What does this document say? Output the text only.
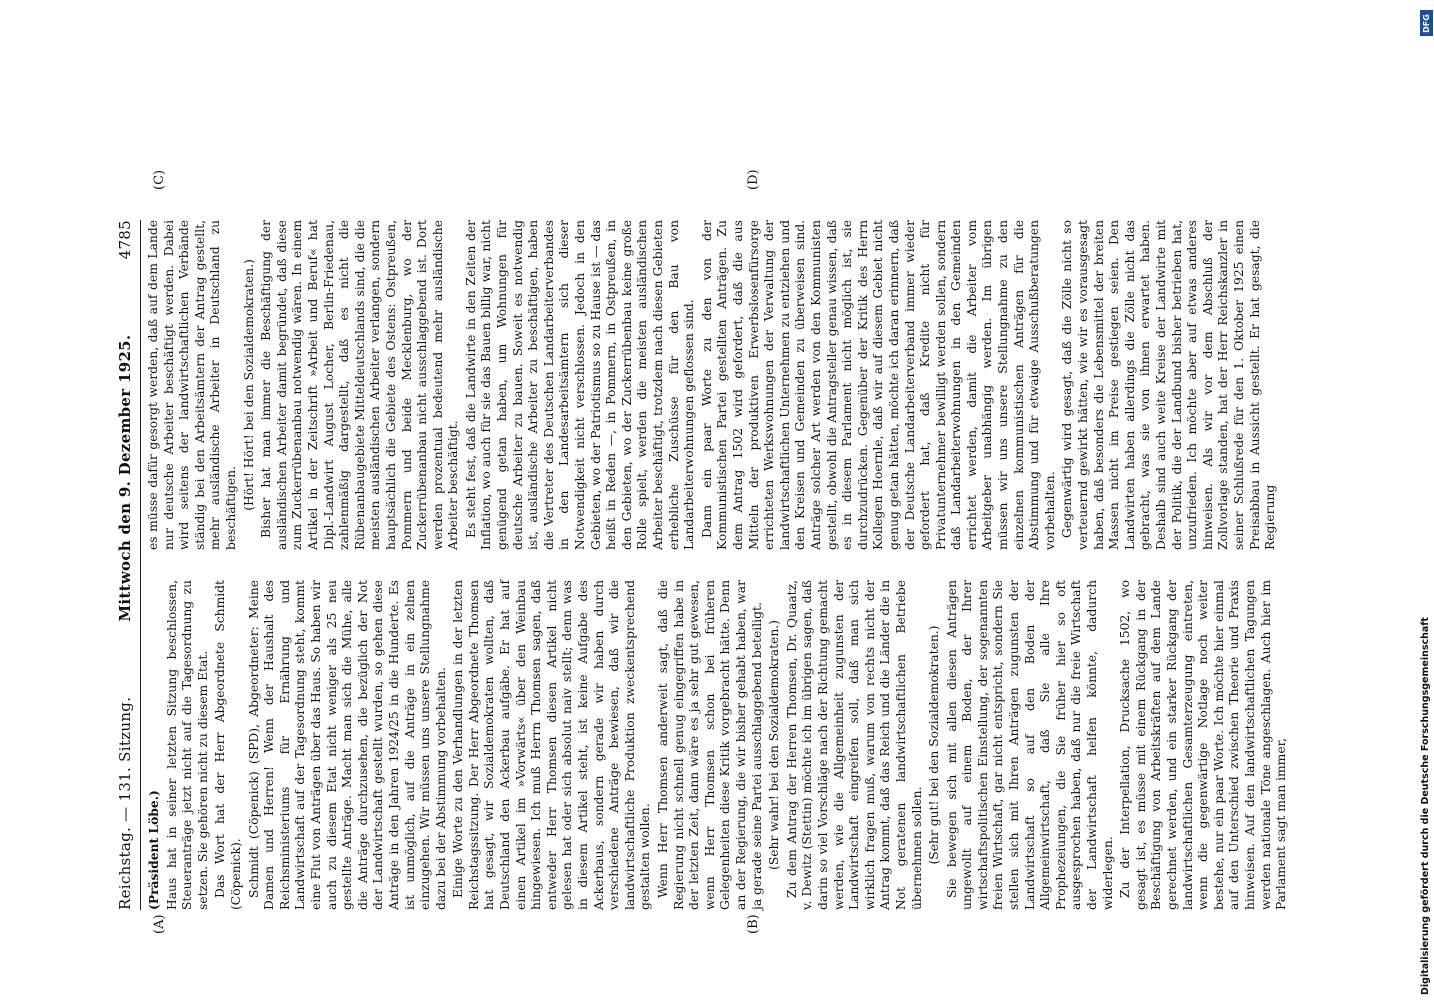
(A)	(B)
(C)	(D)
Reichstag. — 131. Sitzung.
Mittwoch den 9. Dezember 1925.
4785

(Präsident Löbe.) Haus hat in seiner letzten Sitzung beschlossen, Steueranträge jetzt nicht auf die Tagesordnung zu setzen. Sie gehören nicht zu diesem Etat. Das Wort hat der Herr Abgeordnete Schmidt (Cöpenick). Schmidt (Cöpenick) (SPD), Abgeordneter: Meine Damen und Herren! Wenn der Haushalt des Reichsministeriums für Ernährung und Landwirtschaft auf der Tagesordnung steht, kommt eine Flut von Anträgen über das Haus. So haben wir auch zu diesem Etat nicht weniger als 25 neu gestellte Anträge. Macht man sich die Mühe, alle die Anträge durchzusehen, die bezüglich der Not der Landwirtschaft gestellt wurden, so gehen diese Anträge in den Jahren 1924/25 in die Hunderte. Es ist unmöglich, auf die Anträge in ein zelnen einzugehen. Wir müssen uns unsere Stellungnahme dazu bei der Abstimmung vorbehalten. Einige Worte zu den Verhandlungen in der letzten Reichstagssitzung. Der Herr Abgeordnete Thomsen hat gesagt, wir Sozialdemokraten wollten, daß Deutschland den Ackerbau aufgäbe. Er hat auf einen Artikel im »Vorwärts« über den Weinbau hingewiesen. Ich muß Herrn Thomsen sagen, daß entweder Herr Thomsen diesen Artikel nicht gelesen hat oder sich absolut naiv stellt; denn was in diesem Artikel steht, ist keine Aufgabe des Ackerbaus, sondern gerade wir haben durch verschiedene Anträge bewiesen, daß wir die landwirtschaftliche Produktion zweckentsprechend gestalten wollen. Wenn Herr Thomsen anderweit sagt, daß die Regierung nicht schnell genug eingegriffen habe in der letzten Zeit, dann wäre es ja sehr gut gewesen, wenn Herr Thomsen schon bei früheren Gelegenheiten diese Kritik vorgebracht hätte. Denn an der Regierung, die wir bisher gehabt haben, war ja gerade seine Partei ausschlaggebend beteiligt. (Sehr wahr! bei den Sozialdemokraten.) Zu dem Antrag der Herren Thomsen, Dr. Quaatz, v. Dewitz (Stettin) möchte ich im übrigen sagen, daß darin so viel Vorschläge nach der Richtung gemacht werden, wie die Allgemeinheit zugunsten der Landwirtschaft eingreifen soll, daß man sich wirklich fragen muß, warum von rechts nicht der Antrag kommt, daß das Reich und die Länder die in Not geratenen landwirtschaftlichen Betriebe übernehmen sollen. (Sehr gut! bei den Sozialdemokraten.) Sie bewegen sich mit allen diesen Anträgen ungewollt auf einem Boden, der Ihrer wirtschaftspolitischen Einstellung, der sogenannten freien Wirtschaft, gar nicht entspricht, sondern Sie stellen sich mit Ihren Anträgen zugunsten der Landwirtschaft so auf den Boden der Allgemeinwirtschaft, daß Sie alle Ihre Prophezeiungen, die Sie früher hier so oft ausgesprochen haben, daß nur die freie Wirtschaft der Landwirtschaft helfen könnte, dadurch widerlegen. Zu der Interpellation, Drucksache 1502, wo gesagt ist, es müsse mit einem Rückgang in der Beschäftigung von Arbeitskräften auf dem Lande gerechnet werden, und ein starker Rückgang der landwirtschaftlichen Gesamterzeugung eintreten, wenn die gegenwärtige Notlage noch weiter bestehe, nur ein paar Worte. Ich möchte hier einmal auf den Unterschied zwischen Theorie und Praxis hinweisen. Auf den landwirtschaftlichen Tagungen werden nationale Töne angeschlagen. Auch hier im Parlament sagt man immer,

es müsse dafür gesorgt werden, daß auf dem Lande nur deutsche Arbeiter beschäftigt werden. Dabei wird seitens der landwirtschaftlichen Verbände ständig bei den Arbeitsämtern der Antrag gestellt, mehr ausländische Arbeiter in Deutschland zu beschäftigen. (Hört! Hört! bei den Sozialdemokraten.) Bisher hat man immer die Beschäftigung der ausländischen Arbeiter damit begründet, daß diese zum Zuckerrübenanbau notwendig wären. In einem Artikel in der Zeitschrift »Arbeit und Beruf« hat Dipl.-Landwirt August Locher, Berlin-Friedenau, zahlenmäßig dargestellt, daß es nicht die Rübenanbaugebiete Mitteldeutschlands sind, die die meisten ausländischen Arbeiter verlangen, sondern hauptsächlich die Gebiete des Ostens: Ostpreußen, Pommern und beide Mecklenburg, wo der Zuckerrübenanbau nicht ausschlaggebend ist. Dort werden prozentual bedeutend mehr ausländische Arbeiter beschäftigt. Es steht fest, daß die Landwirte in den Zeiten der Inflation, wo auch für sie das Bauen billig war, nicht genügend getan haben, um Wohnungen für deutsche Arbeiter zu bauen. Soweit es notwendig ist, ausländische Arbeiter zu beschäftigen, haben die Vertreter des Deutschen Landarbeiterverbandes in den Landesarbeitsämtern sich dieser Notwendigkeit nicht verschlossen. Jedoch in den Gebieten, wo der Patriotismus so zu Hause ist — das heißt in Reden —, in Pommern, in Ostpreußen, in den Gebieten, wo der Zuckerrübenbau keine große Rolle spielt, werden die meisten ausländischen Arbeiter beschäftigt, trotzdem nach diesen Gebieten erhebliche Zuschüsse für den Bau von Landarbeiterwohnungen geflossen sind. Dann ein paar Worte zu den von der Kommunistischen Partei gestellten Anträgen. Zu dem Antrag 1502 wird gefordert, daß die aus Mitteln der produktiven Erwerbslosenfürsorge errichteten Werkswohnungen der Verwaltung der landwirtschaftlichen Unternehmen zu entziehen und den Kreisen und Gemeinden zu überweisen sind. Anträge solcher Art werden von den Kommunisten gestellt, obwohl die Antragsteller genau wissen, daß es in diesem Parlament nicht möglich ist, sie durchzudrücken. Gegenüber der Kritik des Herrn Kollegen Hoernle, daß wir auf diesem Gebiet nicht genug getan hätten, möchte ich daran erinnern, daß der Deutsche Landarbeiterverband immer wieder gefordert hat, daß Kredite nicht für Privatunternehmer bewilligt werden sollen, sondern daß Landarbeiterwohnungen in den Gemeinden errichtet werden, damit die Arbeiter vom Arbeitgeber unabhängig werden. Im übrigen müssen wir uns unsere Stellungnahme zu den einzelnen kommunistischen Anträgen für die Abstimmung und für etwaige Ausschußberatungen vorbehalten. Gegenwärtig wird gesagt, daß die Zölle nicht so verteuernd gewirkt hätten, wie wir es vorausgesagt haben, daß besonders die Lebensmittel der breiten Massen nicht im Preise gestiegen seien. Den Landwirten haben allerdings die Zölle nicht das gebracht, was sie von ihnen erwartet haben. Deshalb sind auch weite Kreise der Landwirte mit der Politik, die der Landbund bisher betrieben hat, unzufrieden. Ich möchte aber auf etwas anderes hinweisen. Als wir vor dem Abschluß der Zollvorlage standen, hat der Herr Reichskanzler in seiner Schlußrede für den 1. Oktober 1925 einen Preisabbau in Aussicht gestellt. Er hat gesagt, die Regierung

DFG
Digitalisierung gefördert durch die Deutsche Forschungsgemeinschaft
